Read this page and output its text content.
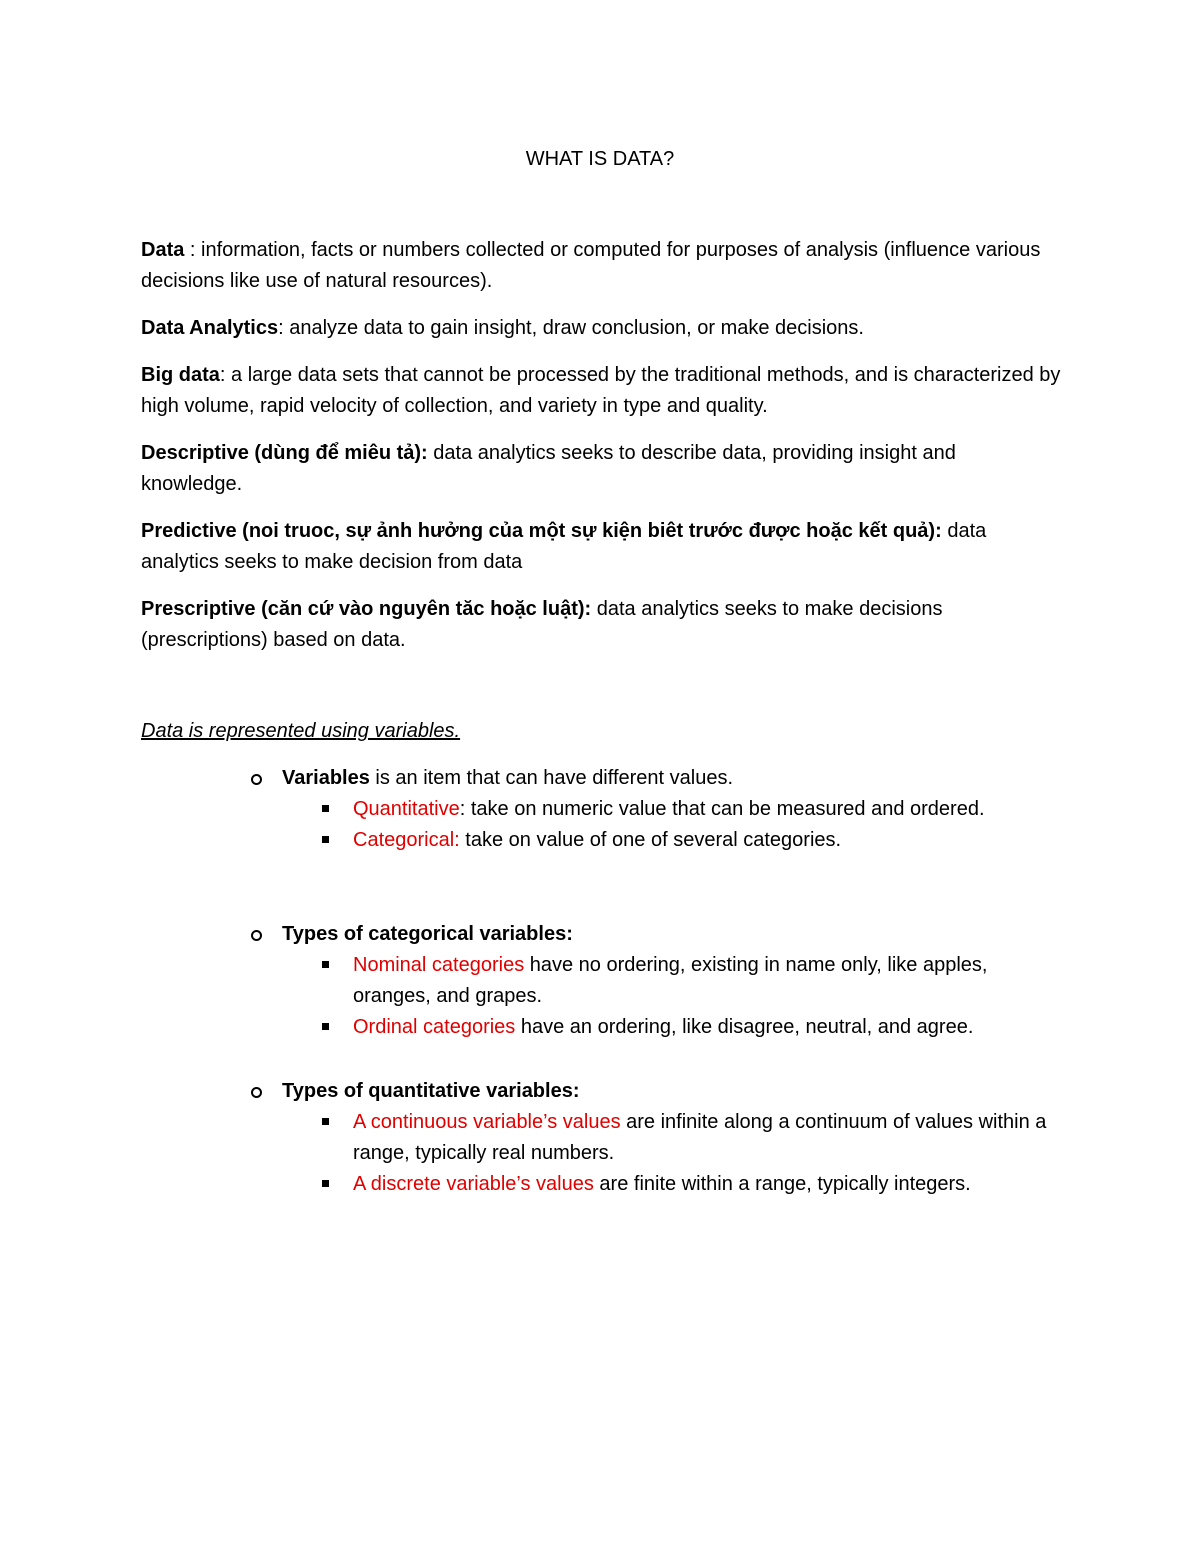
WHAT IS DATA?

Data : information, facts or numbers collected or computed for purposes of analysis (influence various decisions like use of natural resources).

Data Analytics: analyze data to gain insight, draw conclusion, or make decisions.

Big data: a large data sets that cannot be processed by the traditional methods, and is characterized by high volume, rapid velocity of collection, and variety in type and quality.

Descriptive (dùng để miêu tả): data analytics seeks to describe data, providing insight and knowledge.

Predictive (noi truoc, sự ảnh hưởng của một sự kiện biêt trước được hoặc kết quả): data analytics seeks to make decision from data

Prescriptive (căn cứ vào nguyên tăc hoặc luật): data analytics seeks to make decisions (prescriptions) based on data.

Data is represented using variables.
Variables is an item that can have different values.
Quantitative: take on numeric value that can be measured and ordered.
Categorical: take on value of one of several categories.
Types of categorical variables:
Nominal categories have no ordering, existing in name only, like apples, oranges, and grapes.
Ordinal categories have an ordering, like disagree, neutral, and agree.
Types of quantitative variables:
A continuous variable’s values are infinite along a continuum of values within a range, typically real numbers.
A discrete variable’s values are finite within a range, typically integers.
